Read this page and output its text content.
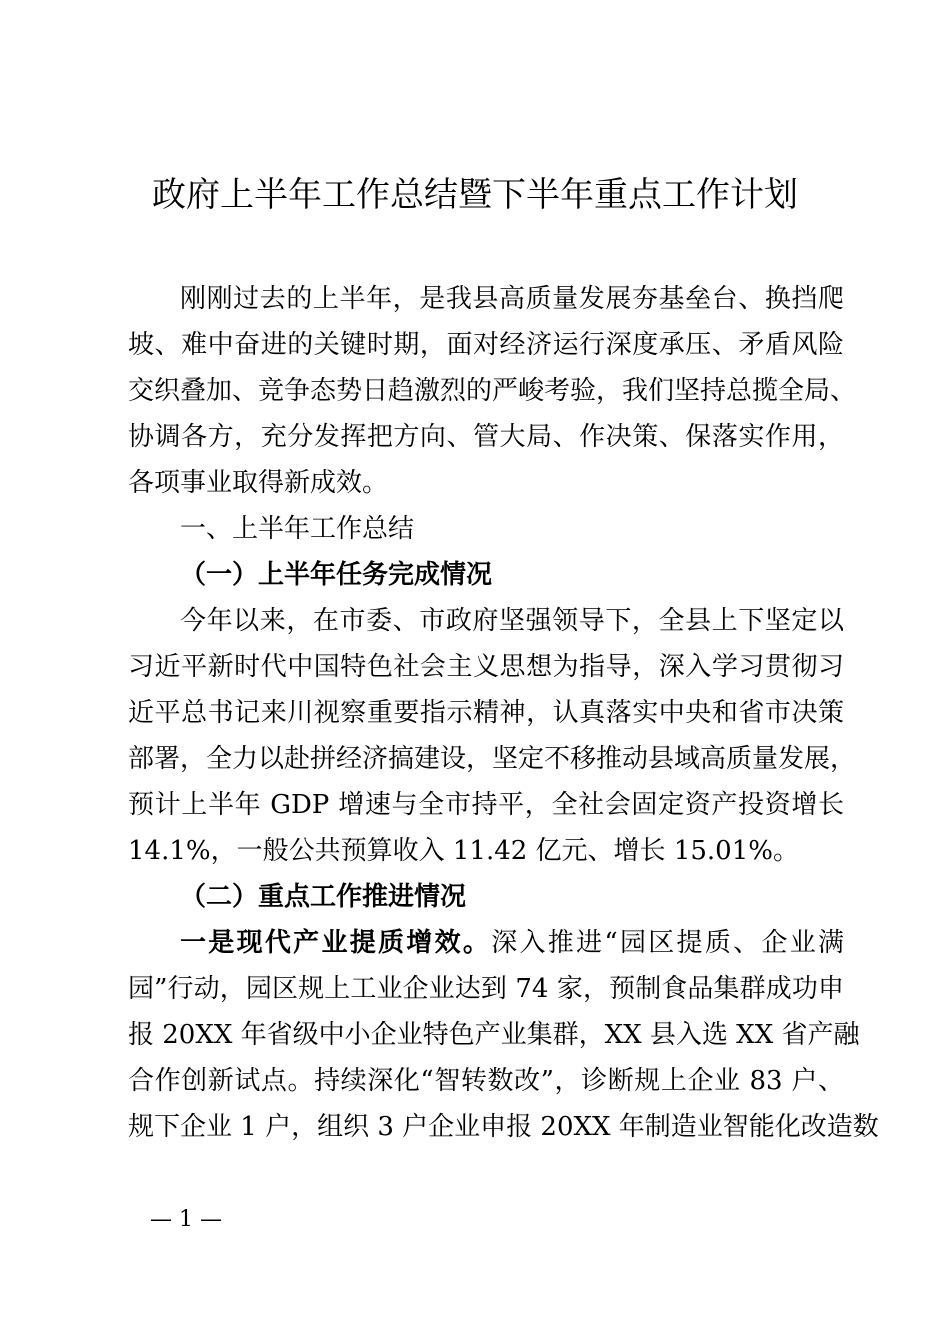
政府上半年工作总结暨下半年重点工作计划
刚刚过去的上半年，是我县高质量发展夯基垒台、换挡爬
坡、难中奋进的关键时期，面对经济运行深度承压、矛盾风险
交织叠加、竞争态势日趋激烈的严峻考验，我们坚持总揽全局、
协调各方，充分发挥把方向、管大局、作决策、保落实作用，
各项事业取得新成效。
一、上半年工作总结
（一）上半年任务完成情况
今年以来，在市委、市政府坚强领导下，全县上下坚定以
习近平新时代中国特色社会主义思想为指导，深入学习贯彻习
近平总书记来川视察重要指示精神，认真落实中央和省市决策
部署，全力以赴拼经济搞建设，坚定不移推动县域高质量发展，
预计上半年 GDP 增速与全市持平，全社会固定资产投资增长
14.1%，一般公共预算收入 11.42 亿元、增长 15.01%。
（二）重点工作推进情况
一是现代产业提质增效。深入推进“园区提质、企业满
园”行动，园区规上工业企业达到 74 家，预制食品集群成功申
报 20XX 年省级中小企业特色产业集群，XX 县入选 XX 省产融
合作创新试点。持续深化“智转数改”，诊断规上企业 83 户、
规下企业 1 户，组织 3 户企业申报 20XX 年制造业智能化改造数
— 1 —
